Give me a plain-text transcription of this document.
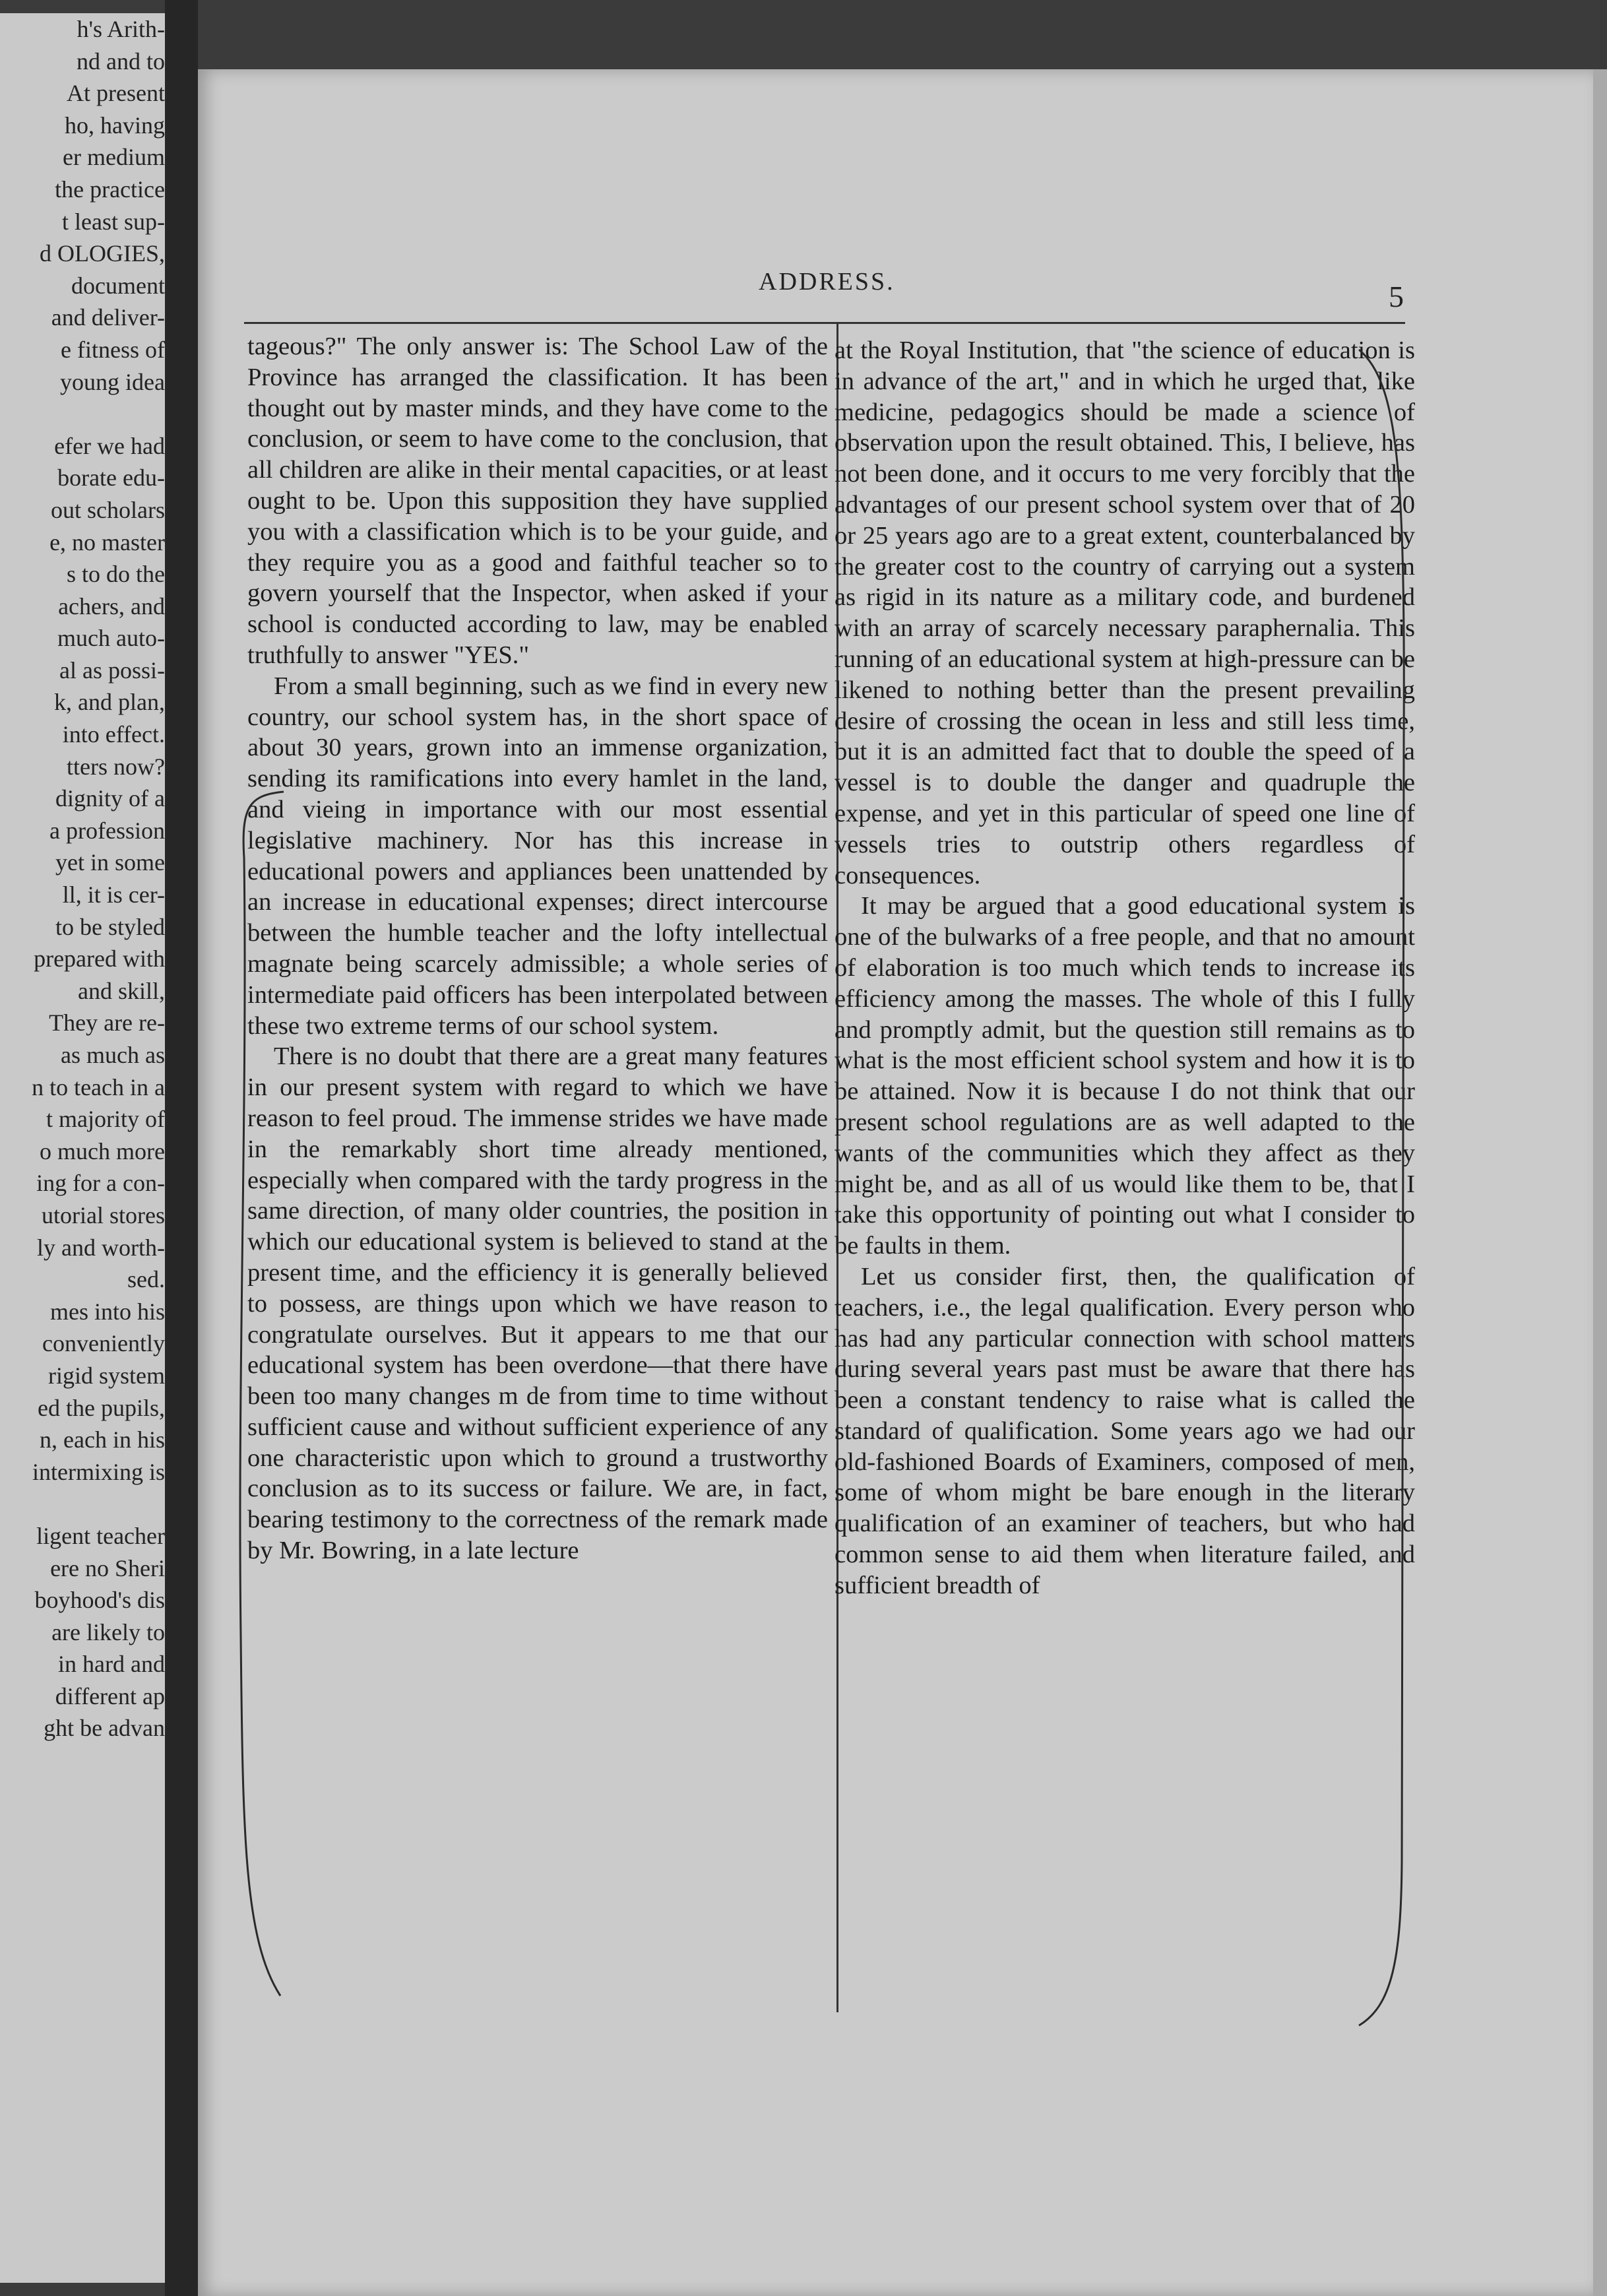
h's Arith-
nd and to
At present
ho, having
er medium
the practice
t least sup-
d OLOGIES,
document
and deliver-
e fitness of
young idea

efer we had
borate edu-
out scholars
e, no master
s to do the
achers, and
much auto-
al as possi-
k, and plan,
into effect.
tters now?
dignity of a
a profession
yet in some
ll, it is cer-
to be styled
prepared with
and skill,
They are re-
as much as
n to teach in a
t majority of
o much more
ing for a con-
utorial stores
ly and worth-
sed.
mes into his
conveniently
rigid system
ed the pupils,
n, each in his
intermixing is

ligent teacher
ere no Sheri
boyhood's dis
are likely to
in hard and
different ap
ght be advan
ADDRESS.	5

tageous?" The only answer is: The School Law of the Province has arranged the classification. It has been thought out by master minds, and they have come to the conclusion, or seem to have come to the conclusion, that all children are alike in their mental capacities, or at least ought to be. Upon this supposition they have supplied you with a classification which is to be your guide, and they require you as a good and faithful teacher so to govern yourself that the Inspector, when asked if your school is conducted according to law, may be enabled truthfully to answer "YES."

From a small beginning, such as we find in every new country, our school system has, in the short space of about 30 years, grown into an immense organization, sending its ramifications into every hamlet in the land, and vieing in importance with our most essential legislative machinery. Nor has this increase in educational powers and appliances been unattended by an increase in educational expenses; direct intercourse between the humble teacher and the lofty intellectual magnate being scarcely admissible; a whole series of intermediate paid officers has been interpolated between these two extreme terms of our school system.

There is no doubt that there are a great many features in our present system with regard to which we have reason to feel proud. The immense strides we have made in the remarkably short time already mentioned, especially when compared with the tardy progress in the same direction, of many older countries, the position in which our educational system is believed to stand at the present time, and the efficiency it is generally believed to possess, are things upon which we have reason to congratulate ourselves. But it appears to me that our educational system has been overdone—that there have been too many changes m de from time to time without sufficient cause and without sufficient experience of any one characteristic upon which to ground a trustworthy conclusion as to its success or failure. We are, in fact, bearing testimony to the correctness of the remark made by Mr. Bowring, in a late lecture

at the Royal Institution, that "the science of education is in advance of the art," and in which he urged that, like medicine, pedagogics should be made a science of observation upon the result obtained. This, I believe, has not been done, and it occurs to me very forcibly that the advantages of our present school system over that of 20 or 25 years ago are to a great extent, counterbalanced by the greater cost to the country of carrying out a system as rigid in its nature as a military code, and burdened with an array of scarcely necessary paraphernalia. This running of an educational system at high-pressure can be likened to nothing better than the present prevailing desire of crossing the ocean in less and still less time, but it is an admitted fact that to double the speed of a vessel is to double the danger and quadruple the expense, and yet in this particular of speed one line of vessels tries to outstrip others regardless of consequences.

It may be argued that a good educational system is one of the bulwarks of a free people, and that no amount of elaboration is too much which tends to increase its efficiency among the masses. The whole of this I fully and promptly admit, but the question still remains as to what is the most efficient school system and how it is to be attained. Now it is because I do not think that our present school regulations are as well adapted to the wants of the communities which they affect as they might be, and as all of us would like them to be, that I take this opportunity of pointing out what I consider to be faults in them.

Let us consider first, then, the qualification of teachers, i.e., the legal qualification. Every person who has had any particular connection with school matters during several years past must be aware that there has been a constant tendency to raise what is called the standard of qualification. Some years ago we had our old-fashioned Boards of Examiners, composed of men, some of whom might be bare enough in the literary qualification of an examiner of teachers, but who had common sense to aid them when literature failed, and sufficient breadth of
